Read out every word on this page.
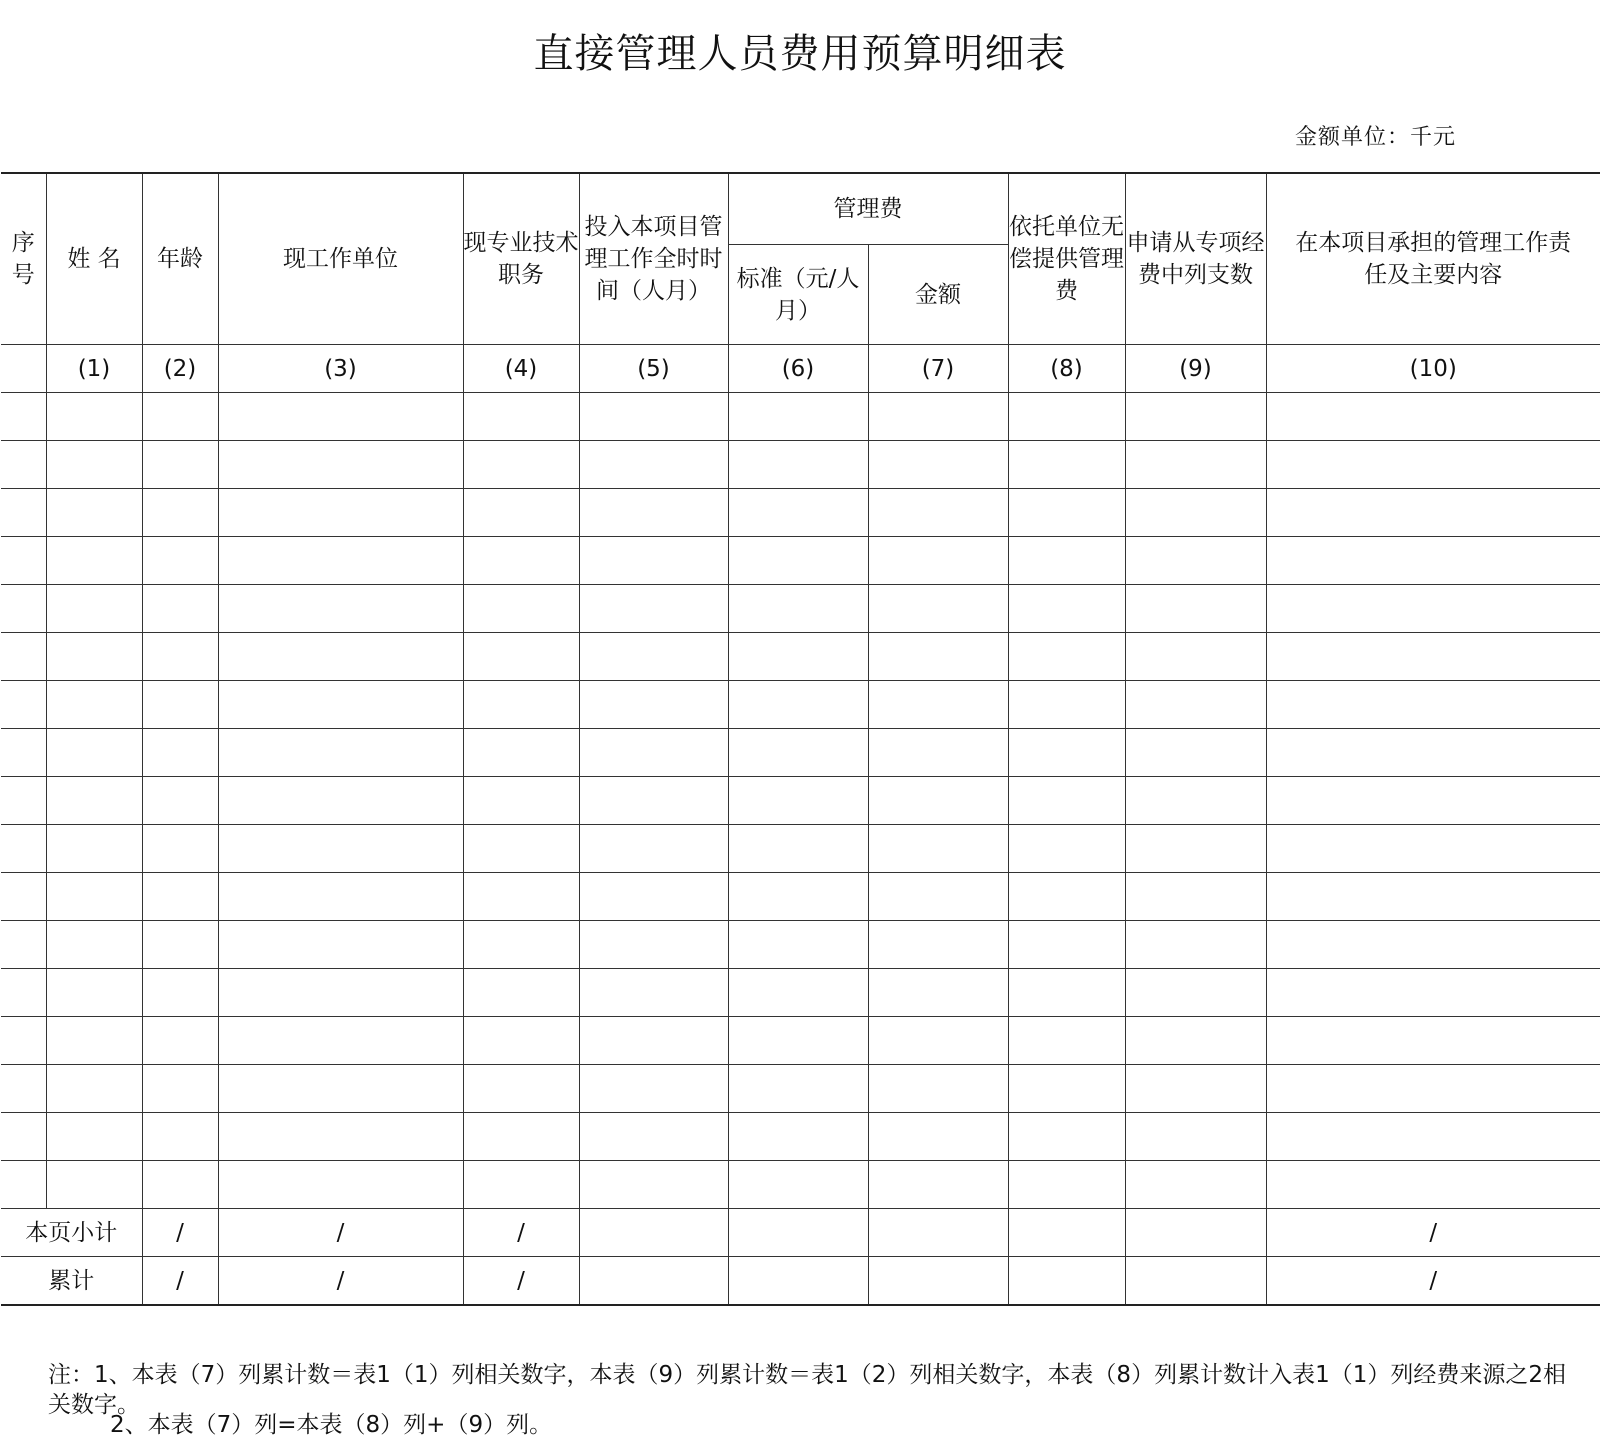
直接管理人员费用预算明细表
金额单位：千元
序号	姓 名	年龄	现工作单位	现专业技术职务	投入本项目管理工作全时时间（人月）	管理费		依托单位无偿提供管理费	申请从专项经费中列支数	在本项目承担的管理工作责任及主要内容
						标准（元/人月）	金额			
	(1)	(2)	(3)	(4)	(5)	(6)	(7)	(8)	(9)	(10)

本页小计		/	/	/						/
累计		/	/	/						/
注：1、本表（7）列累计数＝表1（1）列相关数字，本表（9）列累计数＝表1（2）列相关数字，本表（8）列累计数计入表1（1）列经费来源之2相关数字。
2、本表（7）列=本表（8）列+（9）列。
